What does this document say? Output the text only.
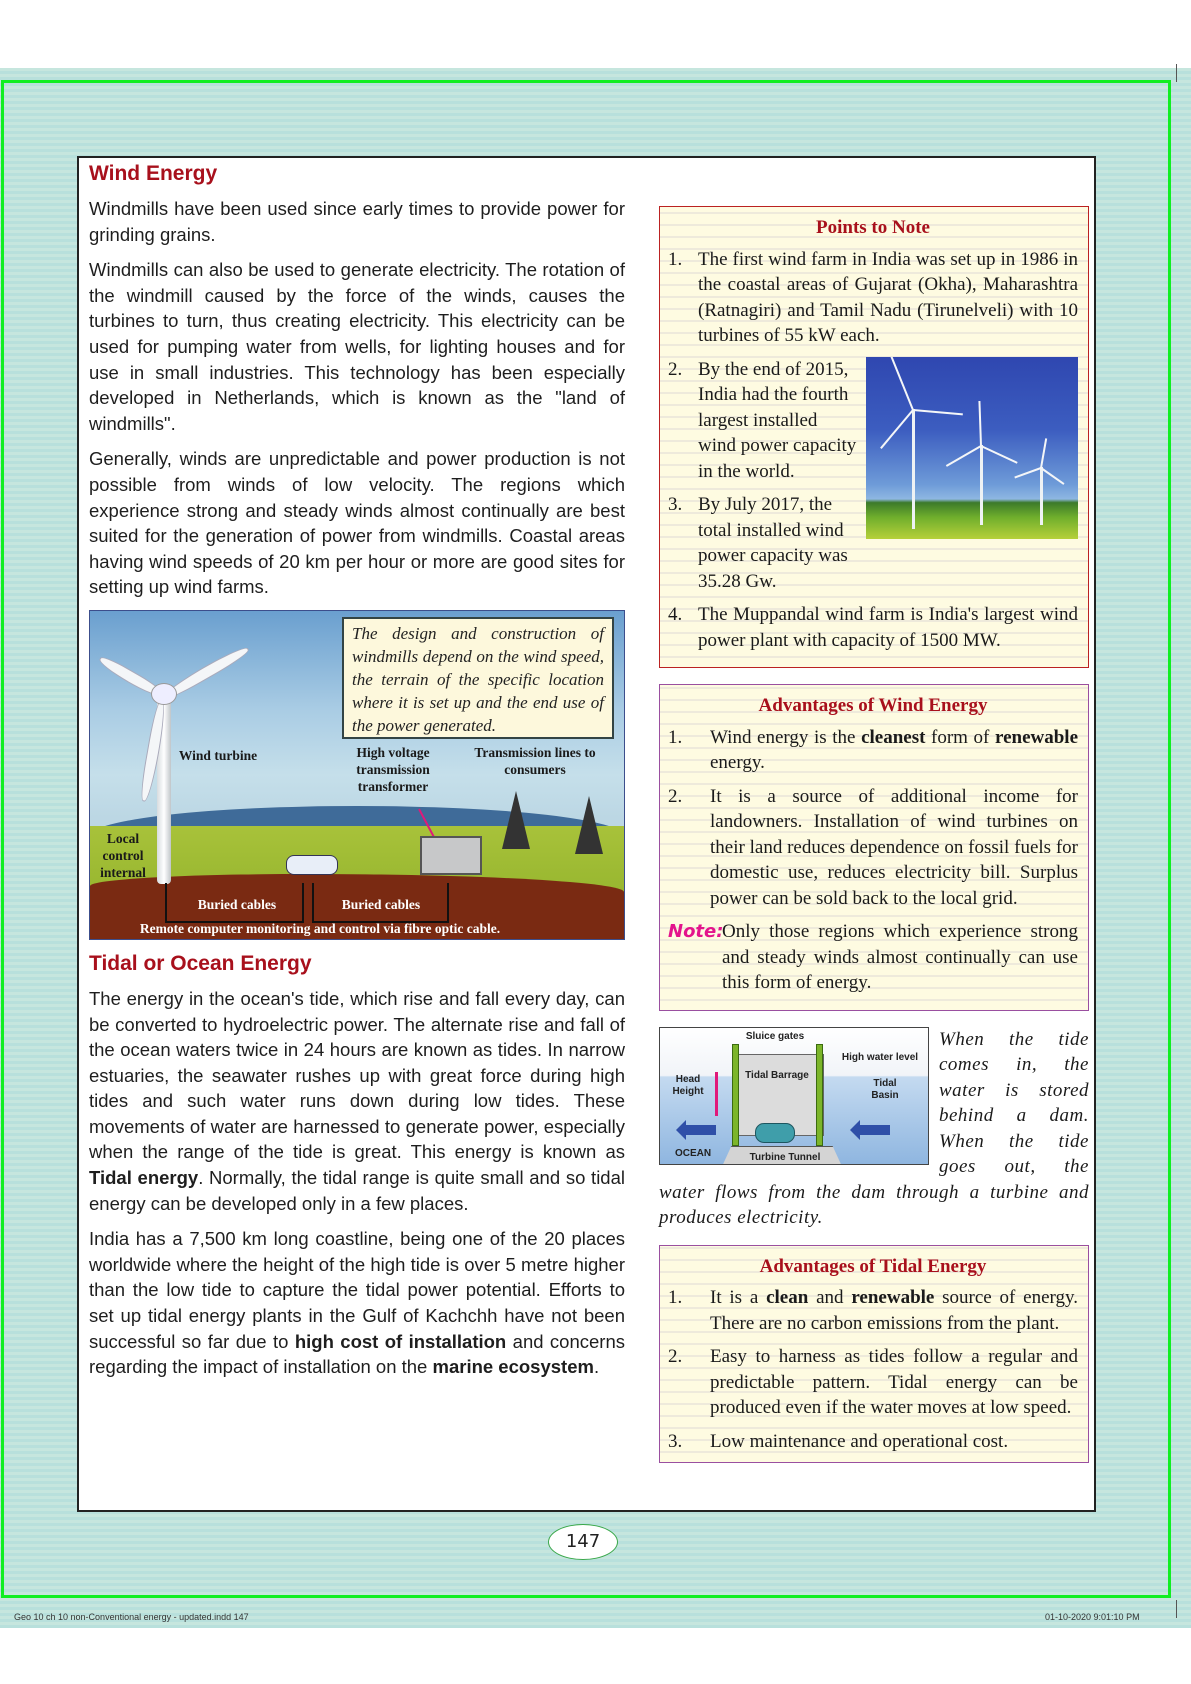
Geo 10 ch 10 non-Conventional energy - updated.indd 147	01-10-2020 9:01:10 PM
Wind Energy

Windmills have been used since early times to provide power for grinding grains.

Windmills can also be used to generate electricity. The rotation of the windmill caused by the force of the winds, causes the turbines to turn, thus creating electricity. This electricity can be used for pumping water from wells, for lighting houses and for use in small industries. This technology has been especially developed in Netherlands, which is known as the "land of windmills".

Generally, winds are unpredictable and power production is not possible from winds of low velocity. The regions which experience strong and steady winds almost continually are best suited for the generation of power from windmills. Coastal areas having wind speeds of 20 km per hour or more are good sites for setting up wind farms.

The design and construction of windmills depend on the wind speed, the terrain of the specific location where it is set up and the end use of the power generated.
Wind turbine	High voltage transmission transformer
Transmission lines to consumers
Local control internal
Buried cables	Buried cables
Remote computer monitoring and control via fibre optic cable.
Tidal or Ocean Energy

The energy in the ocean's tide, which rise and fall every day, can be converted to hydroelectric power. The alternate rise and fall of the ocean waters twice in 24 hours are known as tides. In narrow estuaries, the seawater rushes up with great force during high tides and such water runs down during low tides. These movements of water are harnessed to generate power, especially when the range of the tide is great. This energy is known as Tidal energy. Normally, the tidal range is quite small and so tidal energy can be developed only in a few places.

India has a 7,500 km long coastline, being one of the 20 places worldwide where the height of the high tide is over 5 metre higher than the low tide to capture the tidal power potential. Efforts to set up tidal energy plants in the Gulf of Kachchh have not been successful so far due to high cost of installation and concerns regarding the impact of installation on the marine ecosystem.

Points to Note
1. The first wind farm in India was set up in 1986 in the coastal areas of Gujarat (Okha), Maharashtra (Ratnagiri) and Tamil Nadu (Tirunelveli) with 10 turbines of 55 kW each.
2. By the end of 2015, India had the fourth largest installed wind power capacity in the world.
3. By July 2017, the total installed wind power capacity was 35.28 Gw.
4. The Muppandal wind farm is India's largest wind power plant with capacity of 1500 MW.
Advantages of Wind Energy
1.	Wind energy is the cleanest form of renewable energy.
2.	It is a source of additional income for landowners. Installation of wind turbines on their land reduces dependence on fossil fuels for domestic use, reduces electricity bill. Surplus power can be sold back to the local grid.
Note:
Only those regions which experience strong and steady winds almost continually can use this form of energy.
Sluice gates
High water level
Head Height
Tidal Barrage
Tidal Basin
OCEAN	Turbine Tunnel
When the tide comes in, the water is stored behind a dam. When the tide goes out, the water flows from the dam through a turbine and produces electricity.
Advantages of Tidal Energy
1.	It is a clean and renewable source of energy. There are no carbon emissions from the plant.
2.	Easy to harness as tides follow a regular and predictable pattern. Tidal energy can be produced even if the water moves at low speed.
3.	Low maintenance and operational cost.
147
